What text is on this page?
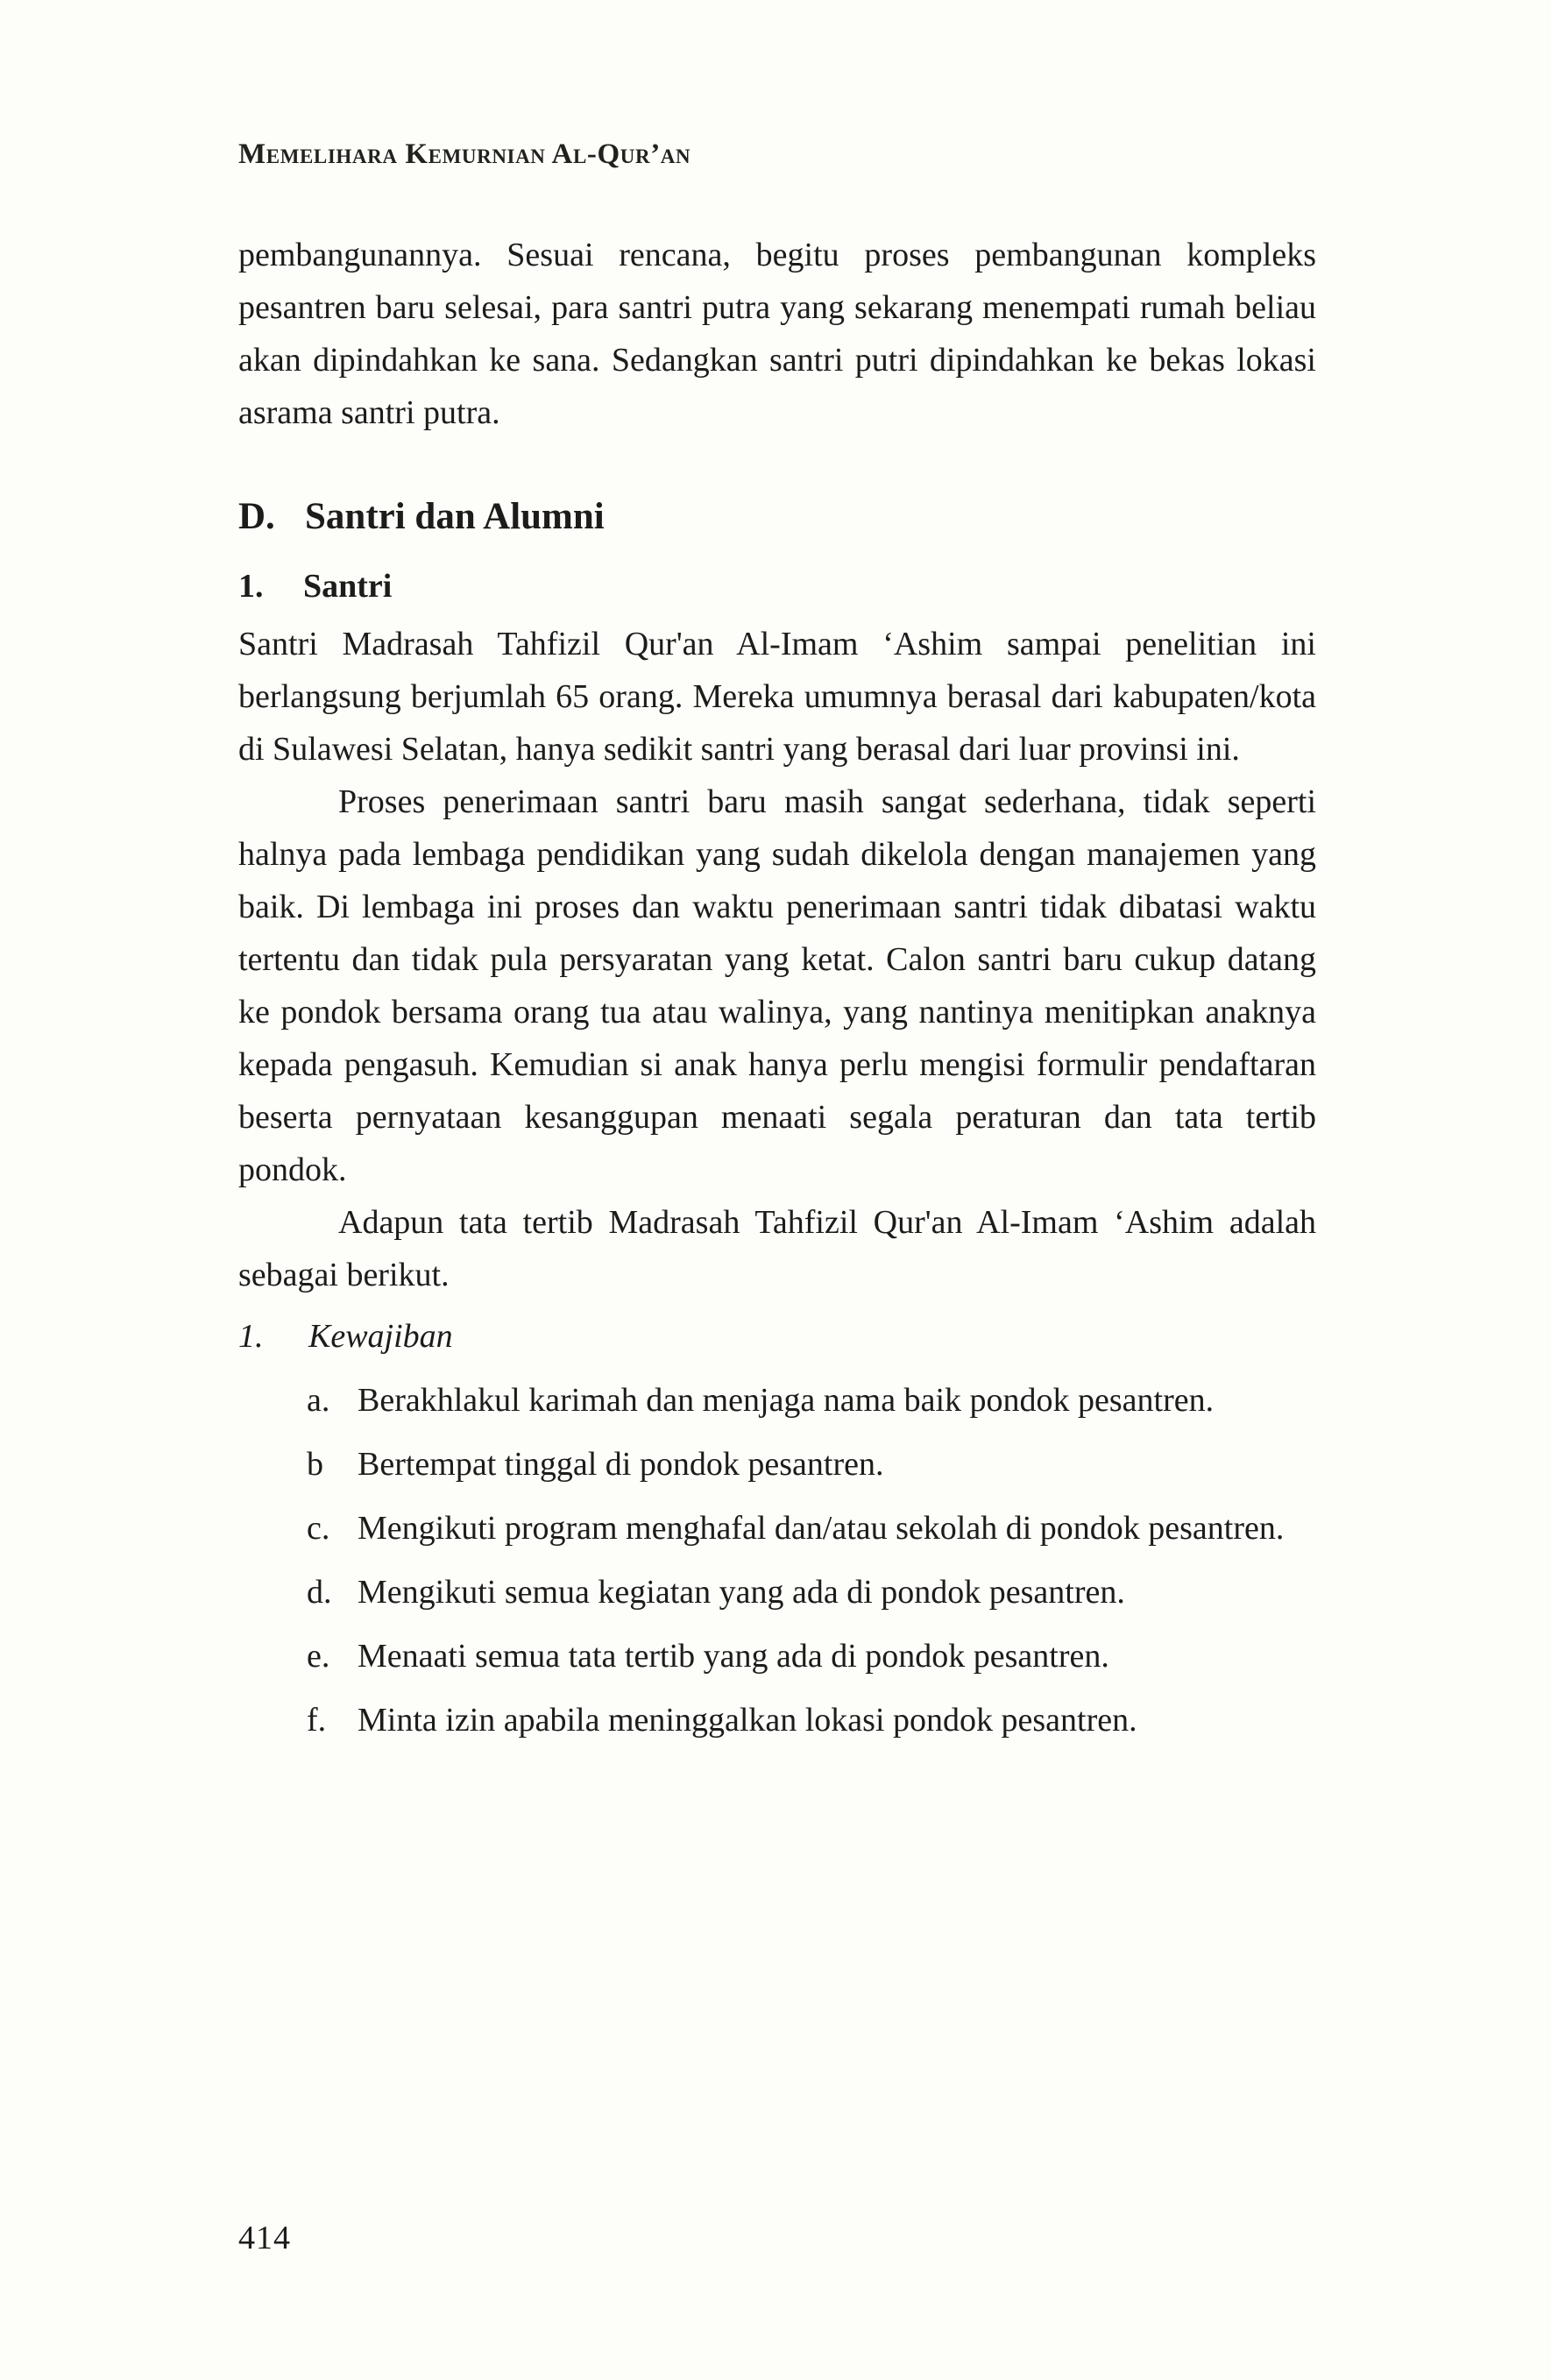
Memelihara Kemurnian Al-Qur’an

pembangunannya. Sesuai rencana, begitu proses pembangunan kompleks pesantren baru selesai, para santri putra yang sekarang menempati rumah beliau akan dipindahkan ke sana. Sedangkan santri putri dipindahkan ke bekas lokasi asrama santri putra.

D. Santri dan Alumni
1.	Santri

Santri Madrasah Tahfizil Qur'an Al-Imam ‘Ashim sampai penelitian ini berlangsung berjumlah 65 orang. Mereka umumnya berasal dari kabupaten/kota di Sulawesi Selatan, hanya sedikit santri yang berasal dari luar provinsi ini.

Proses penerimaan santri baru masih sangat sederhana, tidak seperti halnya pada lembaga pendidikan yang sudah dikelola dengan manajemen yang baik. Di lembaga ini proses dan waktu penerimaan santri tidak dibatasi waktu tertentu dan tidak pula persyaratan yang ketat. Calon santri baru cukup datang ke pondok bersama orang tua atau walinya, yang nantinya menitipkan anaknya kepada pengasuh. Kemudian si anak hanya perlu mengisi formulir pendaftaran beserta pernyataan kesanggupan menaati segala peraturan dan tata tertib pondok.

Adapun tata tertib Madrasah Tahfizil Qur'an Al-Imam ‘Ashim adalah sebagai berikut.

1.	Kewajiban
a. Berakhlakul karimah dan menjaga nama baik pondok pesantren.
b	Bertempat tinggal di pondok pesantren.
c. Mengikuti program menghafal dan/atau sekolah di pondok pesantren.
d. Mengikuti semua kegiatan yang ada di pondok pesantren.
e. Menaati semua tata tertib yang ada di pondok pesantren.
f. Minta izin apabila meninggalkan lokasi pondok pesantren.
414
